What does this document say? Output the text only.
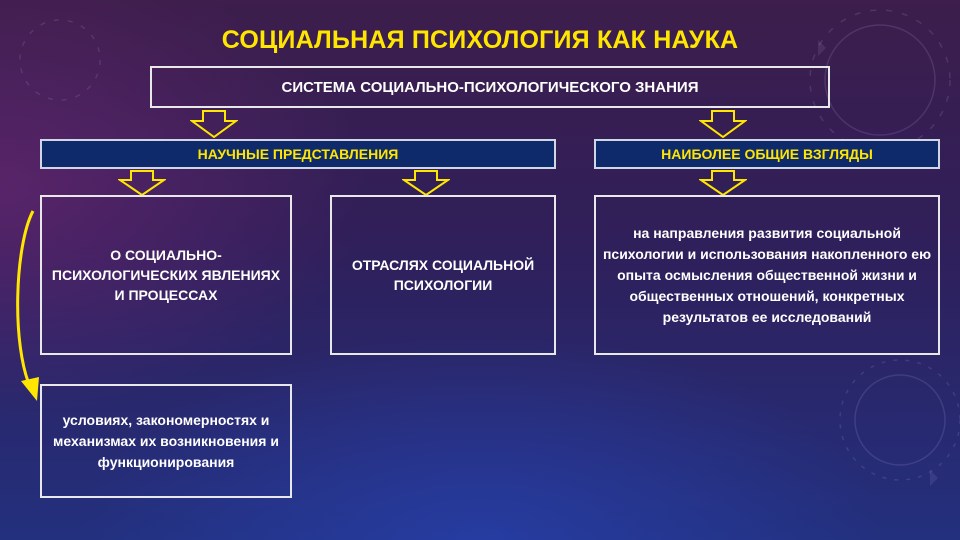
СОЦИАЛЬНАЯ ПСИХОЛОГИЯ КАК НАУКА
СИСТЕМА СОЦИАЛЬНО-ПСИХОЛОГИЧЕСКОГО ЗНАНИЯ
НАУЧНЫЕ ПРЕДСТАВЛЕНИЯ	НАИБОЛЕЕ ОБЩИЕ ВЗГЛЯДЫ
О СОЦИАЛЬНО-ПСИХОЛОГИЧЕСКИХ ЯВЛЕНИЯХ И ПРОЦЕССАХ
ОТРАСЛЯХ СОЦИАЛЬНОЙ ПСИХОЛОГИИ
на направления развития социальной психологии и использования накопленного ею опыта осмысления общественной жизни и общественных отношений, конкретных результатов ее исследований
условиях, закономерностях и механизмах их возникновения и функционирования
